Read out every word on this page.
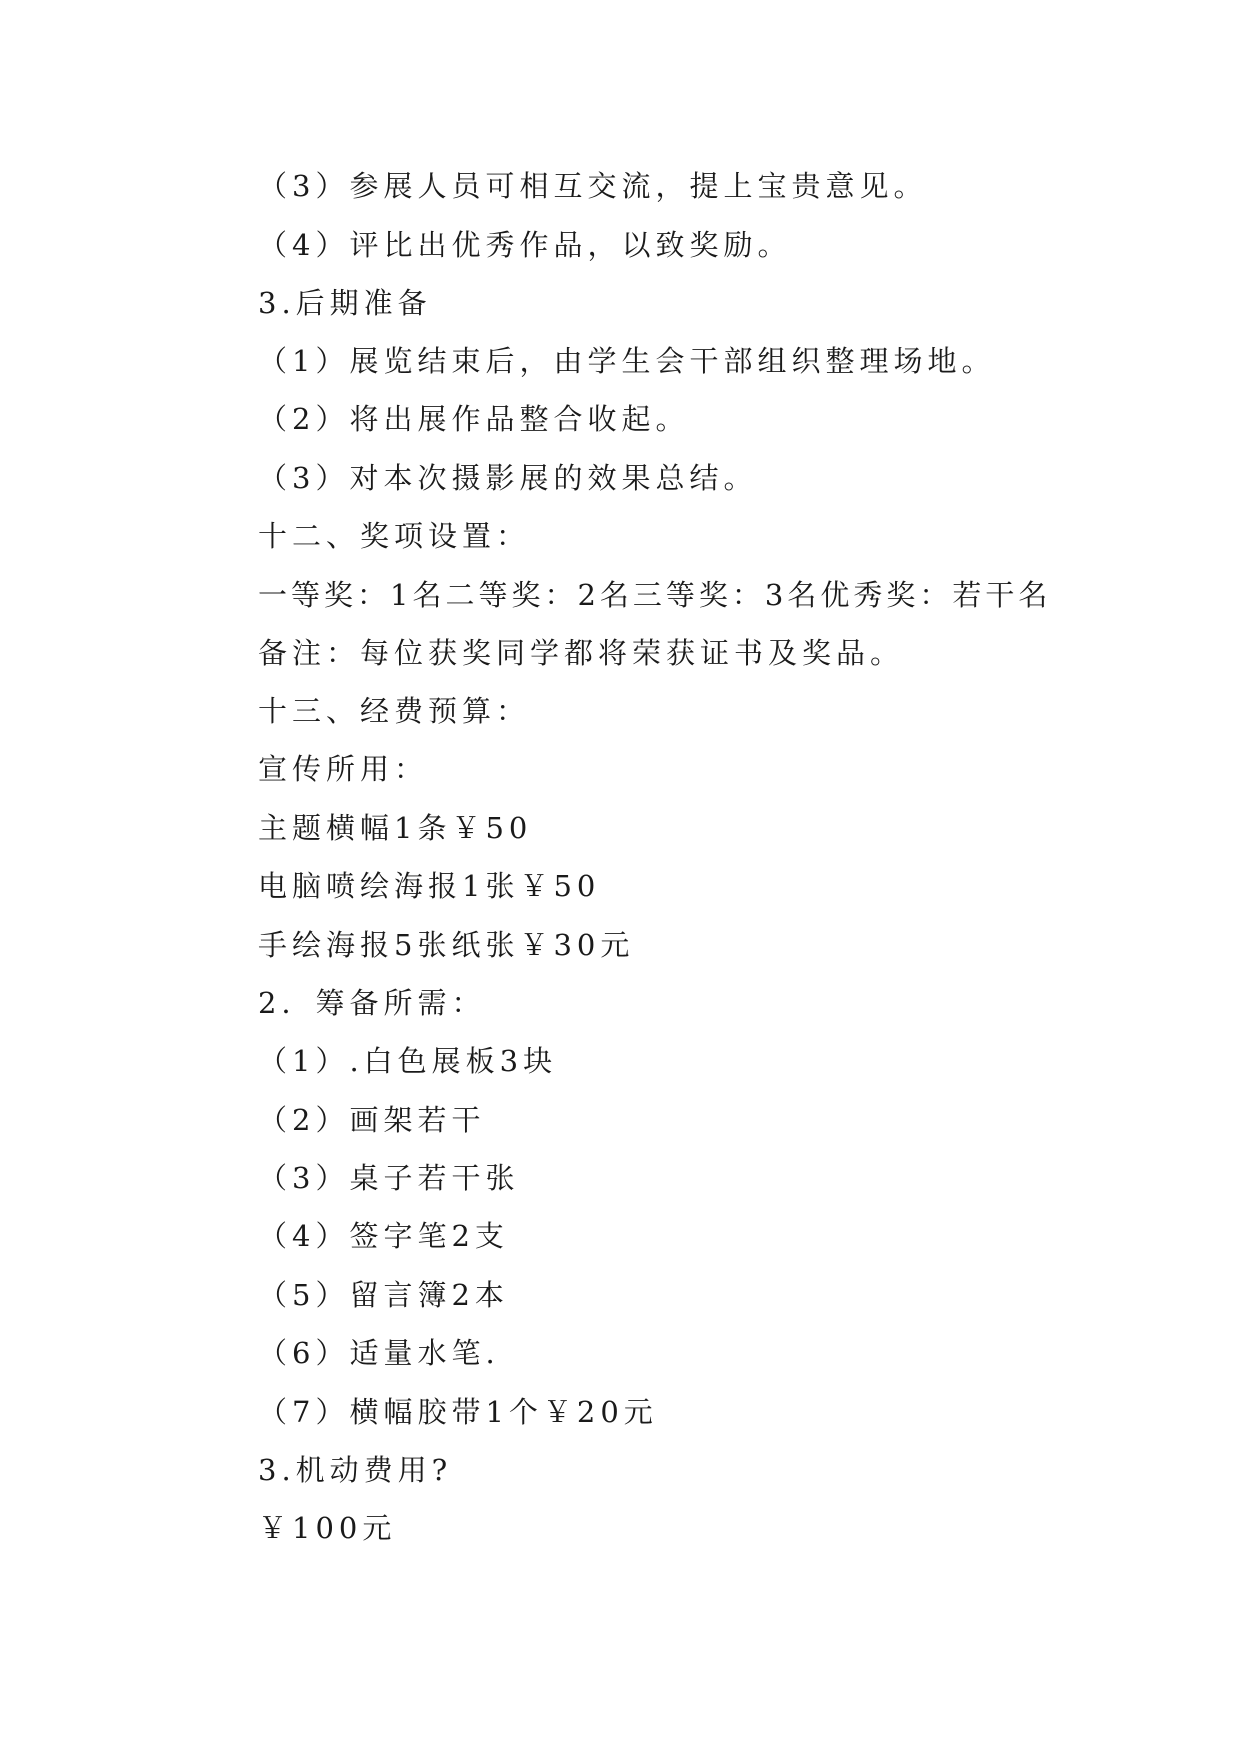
（3）参展人员可相互交流，提上宝贵意见。
（4）评比出优秀作品，以致奖励。
3.后期准备
（1）展览结束后，由学生会干部组织整理场地。
（2）将出展作品整合收起。
（3）对本次摄影展的效果总结。
十二、奖项设置：
一等奖：1名二等奖：2名三等奖：3名优秀奖：若干名
备注：每位获奖同学都将荣获证书及奖品。
十三、经费预算：
宣传所用：
主题横幅1条￥50
电脑喷绘海报1张￥50
手绘海报5张纸张￥30元
2．筹备所需：
（1）.白色展板3块
（2）画架若干
（3）桌子若干张
（4）签字笔2支
（5）留言簿2本
（6）适量水笔.
（7）横幅胶带1个￥20元
3.机动费用?
￥100元
